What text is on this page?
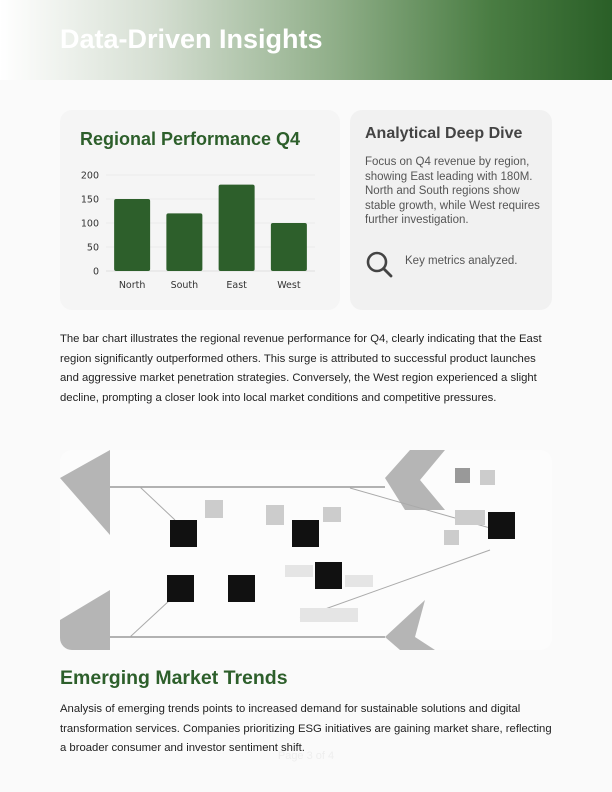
Data-Driven Insights
Regional Performance Q4
0
50
100
150
200
North	South	East	West
Analytical Deep Dive

Focus on Q4 revenue by region, showing East leading with 180M. North and South regions show stable growth, while West requires further investigation.

Key metrics analyzed.

The bar chart illustrates the regional revenue performance for Q4, clearly indicating that the East region significantly outperformed others. This surge is attributed to successful product launches and aggressive market penetration strategies. Conversely, the West region experienced a slight decline, prompting a closer look into local market conditions and competitive pressures.

Emerging Market Trends

Analysis of emerging trends points to increased demand for sustainable solutions and digital transformation services. Companies prioritizing ESG initiatives are gaining market share, reflecting a broader consumer and investor sentiment shift.

Page 3 of 4
